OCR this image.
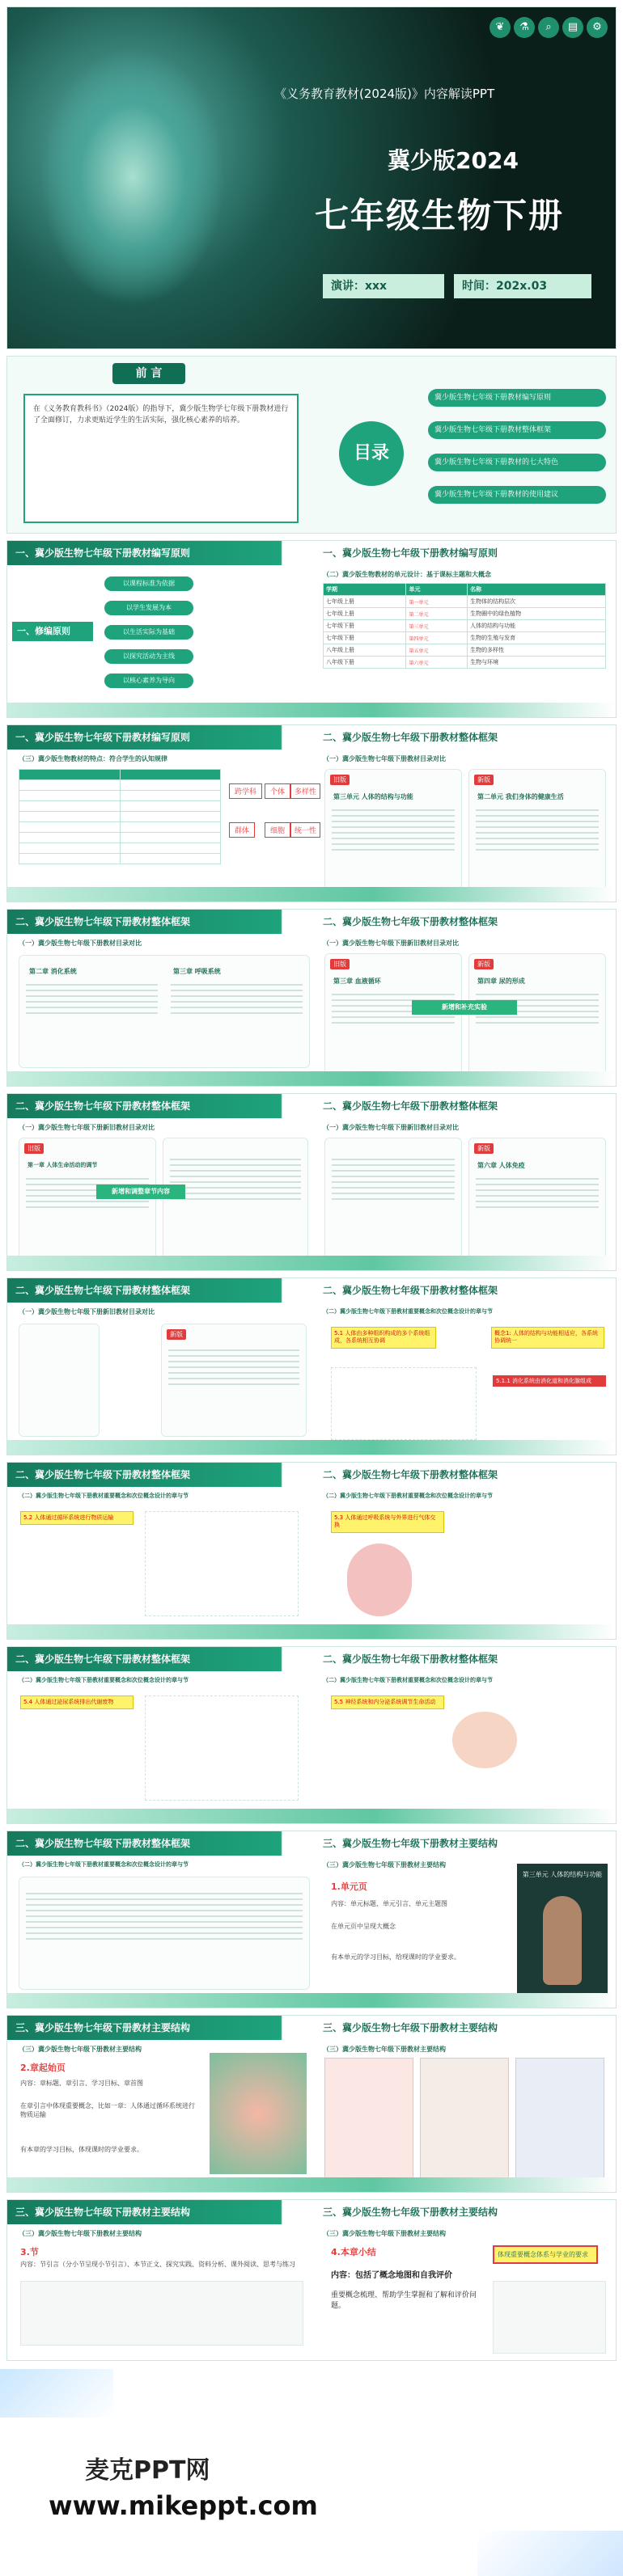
❦ ⚗ ⌕ ▤ ⚙
《义务教育教材(2024版)》内容解读PPT
冀少版2024
七年级生物下册
演讲：xxx	时间：202x.03
前 言
在《义务教育教科书》（2024版）的指导下，冀少版生物学七年级下册教材进行了全面修订，力求更贴近学生的生活实际，强化核心素养的培养。
目录
冀少版生物七年级下册教材编写原则
冀少版生物七年级下册教材整体框架
冀少版生物七年级下册教材的七大特色
冀少版生物七年级下册教材的使用建议
一、冀少版生物七年级下册教材编写原则	一、冀少版生物七年级下册教材编写原则
一、修编原则
以课程标准为依据
以学生发展为本
以生活实际为基础
以探究活动为主线
以核心素养为导向
（二）冀少版生物教材的单元设计：基于课标主题和大概念
学期	单元	名称
七年级上册	第一单元	生物体的结构层次
七年级上册	第二单元	生物圈中的绿色植物
七年级下册	第三单元	人体的结构与功能
七年级下册	第四单元	生物的生殖与发育
八年级上册	第五单元	生物的多样性
八年级下册	第六单元	生物与环境
一、冀少版生物七年级下册教材编写原则	二、冀少版生物七年级下册教材整体框架
（三）冀少版生物教材的特点：符合学生的认知规律

跨学科	个体	多样性
群体	细胞	统一性
（一）冀少版生物七年级下册教材目录对比
旧版
第三单元 人体的结构与功能
新版
第二单元 我们身体的健康生活
二、冀少版生物七年级下册教材整体框架	二、冀少版生物七年级下册教材整体框架
（一）冀少版生物七年级下册教材目录对比
第二章 消化系统	第三章 呼吸系统
（一）冀少版生物七年级下册新旧教材目录对比
旧版
第三章 血液循环
新版
第四章 尿的形成
新增和补充实验
二、冀少版生物七年级下册教材整体框架	二、冀少版生物七年级下册教材整体框架
（一）冀少版生物七年级下册新旧教材目录对比
旧版
第一章 人体生命活动的调节
新增和调整章节内容
（一）冀少版生物七年级下册新旧教材目录对比
新版
第六章 人体免疫
二、冀少版生物七年级下册教材整体框架	二、冀少版生物七年级下册教材整体框架
（一）冀少版生物七年级下册新旧教材目录对比
新版
（二）冀少版生物七年级下册教材重要概念和次位概念设计的章与节
5.1 人体由多种组织构成的多个系统组成，各系统相互协调
概念1: 人体的结构与功能相适应，各系统协调统一
5.1.1 消化系统由消化道和消化腺组成
二、冀少版生物七年级下册教材整体框架	二、冀少版生物七年级下册教材整体框架
（二）冀少版生物七年级下册教材重要概念和次位概念设计的章与节
5.2 人体通过循环系统进行物质运输
（二）冀少版生物七年级下册教材重要概念和次位概念设计的章与节
5.3 人体通过呼吸系统与外界进行气体交换
二、冀少版生物七年级下册教材整体框架	二、冀少版生物七年级下册教材整体框架
（二）冀少版生物七年级下册教材重要概念和次位概念设计的章与节
5.4 人体通过泌尿系统排出代谢废物
（二）冀少版生物七年级下册教材重要概念和次位概念设计的章与节
5.5 神经系统和内分泌系统调节生命活动
二、冀少版生物七年级下册教材整体框架	三、冀少版生物七年级下册教材主要结构
（二）冀少版生物七年级下册教材重要概念和次位概念设计的章与节	（三）冀少版生物七年级下册教材主要结构
1.单元页
内容：单元标题、单元引言、单元主题图
在单元页中呈现大概念
有本单元的学习目标，给现课时的学业要求。
第三单元 人体的结构与功能
三、冀少版生物七年级下册教材主要结构	三、冀少版生物七年级下册教材主要结构
（三）冀少版生物七年级下册教材主要结构
2.章起始页
内容：章标题、章引言、学习目标、章首图
在章引言中体现重要概念，比如一章：人体通过循环系统进行物质运输
有本章的学习目标，体现课时的学业要求。
（三）冀少版生物七年级下册教材主要结构
三、冀少版生物七年级下册教材主要结构	三、冀少版生物七年级下册教材主要结构
（三）冀少版生物七年级下册教材主要结构
3.节
内容：节引言（分小节呈现小节引言）、本节正文、探究实践、资料分析、课外阅读、思考与练习
（三）冀少版生物七年级下册教材主要结构
4.本章小结
内容：包括了概念地图和自我评价
重要概念梳理、帮助学生掌握和了解和评价问题。
体现重要概念体系与学业的要求
麦克PPT网
www.mikeppt.com
